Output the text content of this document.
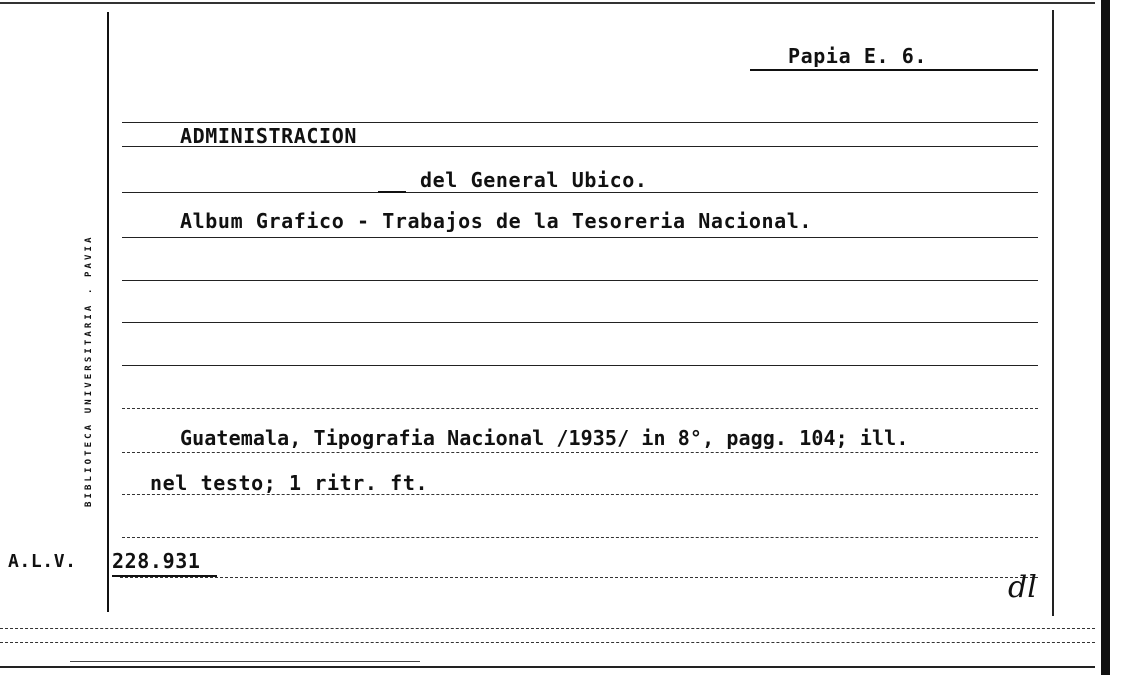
BIBLIOTECA UNIVERSITARIA . PAVIA
Papia E. 6.
ADMINISTRACION
del General Ubico.
Album Grafico - Trabajos de la Tesoreria Nacional.
Guatemala, Tipografia Nacional /1935/ in 8°, pagg. 104; ill.
nel testo; 1 ritr. ft.
A.L.V. 228.931
dl
